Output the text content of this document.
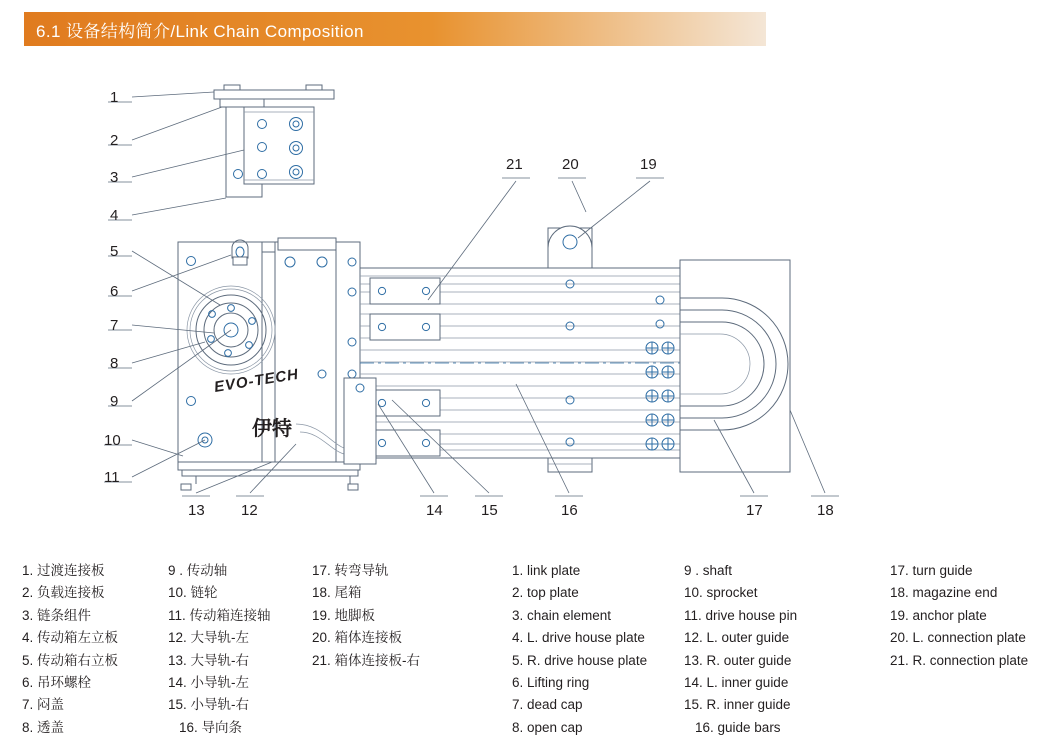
6.1 设备结构简介/Link Chain Composition
EVO-TECH
伊特
1
2
3
4
5
6
7
8
9
10
11
12
13	14	15	16	17	18
19
20
21
1. 过渡连接板
2. 负载连接板
3. 链条组件
4. 传动箱左立板
5. 传动箱右立板
6. 吊环螺栓
7. 闷盖
8. 透盖
9 . 传动轴
10. 链轮
11. 传动箱连接轴
12. 大导轨-左
13. 大导轨-右
14. 小导轨-左
15. 小导轨-右
16. 导向条
17. 转弯导轨
18. 尾箱
19. 地脚板
20. 箱体连接板
21. 箱体连接板-右
1. link plate
2. top plate
3. chain element
4. L. drive house plate
5. R. drive house plate
6. Lifting ring
7. dead cap
8. open cap
9 . shaft
10. sprocket
11. drive house pin
12. L. outer guide
13. R. outer guide
14. L. inner guide
15. R. inner guide
16. guide bars
17. turn guide
18. magazine end
19. anchor plate
20. L. connection plate
21. R. connection plate
